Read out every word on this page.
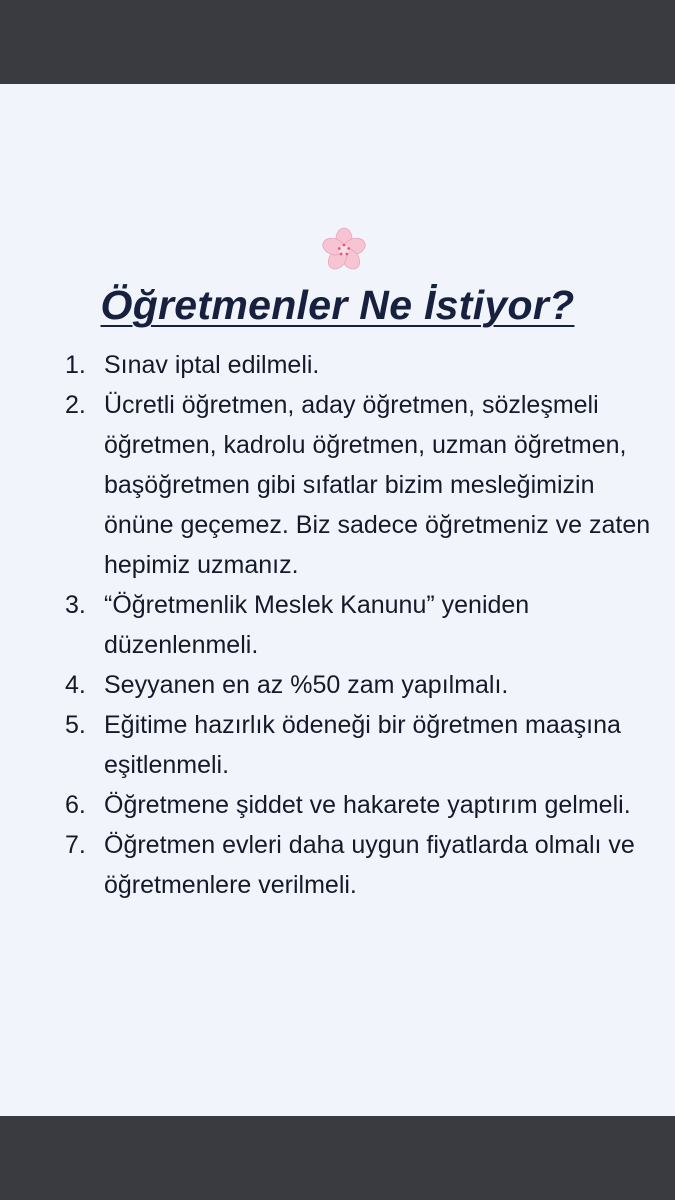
Öğretmenler Ne İstiyor?
1. Sınav iptal edilmeli.
2. Ücretli öğretmen, aday öğretmen, sözleşmeli öğretmen, kadrolu öğretmen, uzman öğretmen, başöğretmen gibi sıfatlar bizim mesleğimizin önüne geçemez. Biz sadece öğretmeniz ve zaten hepimiz uzmanız.
3. “Öğretmenlik Meslek Kanunu” yeniden düzenlenmeli.
4. Seyyanen en az %50 zam yapılmalı.
5. Eğitime hazırlık ödeneği bir öğretmen maaşına eşitlenmeli.
6. Öğretmene şiddet ve hakarete yaptırım gelmeli.
7. Öğretmen evleri daha uygun fiyatlarda olmalı ve öğretmenlere verilmeli.
